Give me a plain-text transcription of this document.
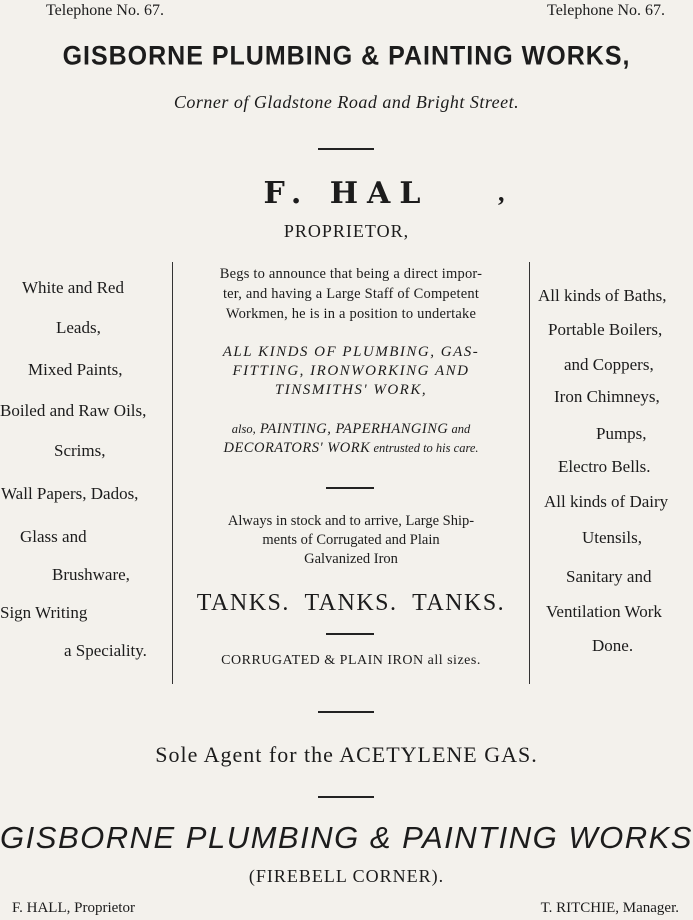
Telephone No. 67.	Telephone No. 67.
GISBORNE PLUMBING & PAINTING WORKS,
Corner of Gladstone Road and Bright Street.
F. HAL	,
PROPRIETOR,
White and Red
Leads,
Mixed Paints,
Boiled and Raw Oils,
Scrims,
Wall Papers, Dados,
Glass and
Brushware,
Sign Writing
a Speciality.
Begs to announce that being a direct impor-
ter, and having a Large Staff of Competent
Workmen, he is in a position to undertake
ALL KINDS OF PLUMBING, GAS-
FITTING, IRONWORKING AND
TINSMITHS' WORK,
also, PAINTING, PAPERHANGING and
DECORATORS' WORK entrusted to his care.
Always in stock and to arrive, Large Ship-
ments of Corrugated and Plain
Galvanized Iron
TANKS.  TANKS.  TANKS.
CORRUGATED & PLAIN IRON all sizes.
All kinds of Baths,
Portable Boilers,
and Coppers,
Iron Chimneys,
Pumps,
Electro Bells.
All kinds of Dairy
Utensils,
Sanitary and
Ventilation Work
Done.
Sole Agent for the ACETYLENE GAS.
GISBORNE PLUMBING & PAINTING WORKS
(FIREBELL CORNER).
F. HALL, Proprietor	T. RITCHIE, Manager.
